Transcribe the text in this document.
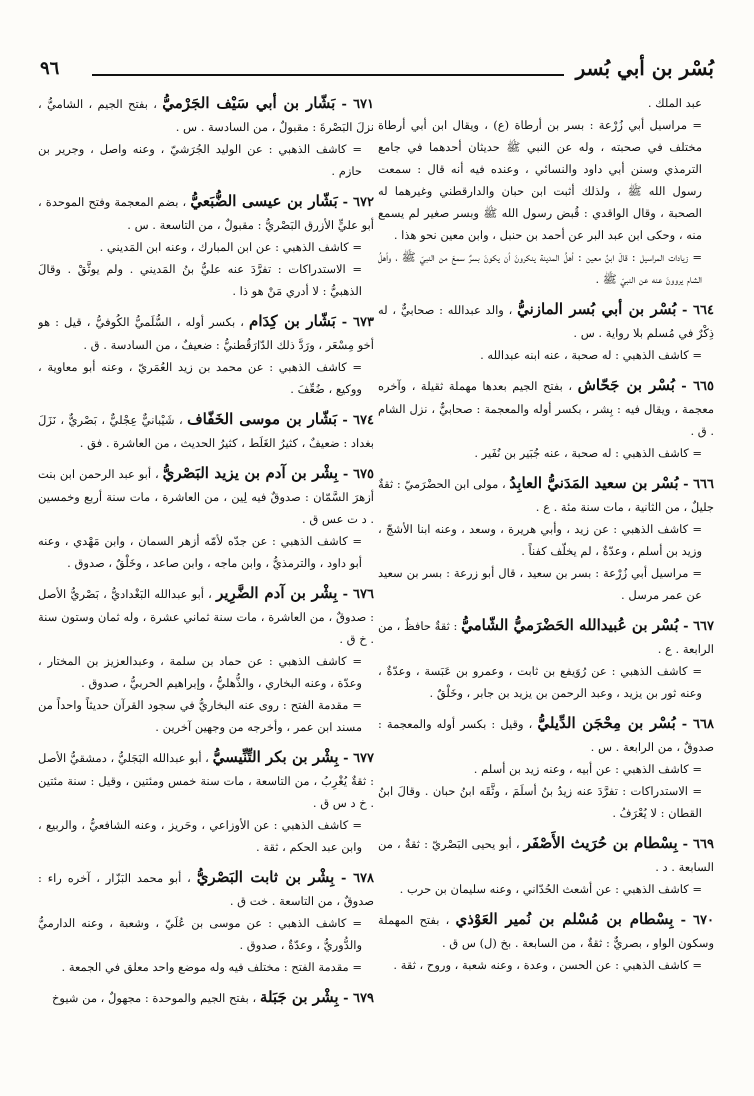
بُسْر بن أبي بُسر
٩٦

عبد الملك .

= مراسيل أبي زُرْعة : بسر بن أرطاة (ع) ، ويقال ابن أبي أرطاة مختلف في صحبته ، وله عن النبي ﷺ حديثان أحدهما في جامع الترمذي وسنن أبي داود والنسائي ، وعنده فيه أنه قال : سمعت رسول الله ﷺ ، ولذلك أثبت ابن حبان والدارقطني وغيرهما له الصحبة ، وقال الواقدي : قُبض رسول الله ﷺ وبسر صغير لم يسمع منه ، وحكى ابن عبد البر عن أحمد بن حنبل ، وابن معين نحو هذا .

= زيادات المراسيل : قالَ ابنُ معين : أهلُ المدينة ينكرونَ أن يكونَ بسرٌ سمعَ من النبيّ ﷺ ، وأهلُ الشام يروونَ عنه عن النبيّ ﷺ .

٦٦٤ - بُسْر بن أبي بُسر المازنيُّ ، والد عبدالله : صحابيٌّ ، له ذِكْرٌ في مُسلم بلا رواية . س .

= كاشف الذهبي : له صحبة ، عنه ابنه عبدالله .

٦٦٥ - بُسْر بن جَحّاش ، بفتح الجيم بعدها مهملة ثقيلة ، وآخره معجمة ، ويقال فيه : بِشر ، بكسر أوله والمعجمة : صحابيٌّ ، نزل الشام . ق .

= كاشف الذهبي : له صحبة ، عنه جُبَير بن نُفَير .

٦٦٦ - بُسْر بن سعيد المَدَنيُّ العابِدُ ، مولى ابن الحضْرَميّ : ثقةٌ جليلٌ ، من الثانية ، مات سنة مئة . ع .

= كاشف الذهبي : عن زيد ، وأبي هريرة ، وسعد ، وعنه ابنا الأشجّ ، وزيد بن أسلم ، وعدّةٌ ، لم يخلّف كفناً .

= مراسيل أبي زُرْعة : بسر بن سعيد ، قال أبو زرعة : بسر بن سعيد عن عمر مرسل .

٦٦٧ - بُسْر بن عُبيدالله الحَضْرَميُّ الشّاميُّ : ثقةٌ حافظٌ ، من الرابعة . ع .

= كاشف الذهبي : عن رُوَيفع بن ثابت ، وعمرو بن عَبَسة ، وعدّةٌ ، وعنه ثور بن يزيد ، وعبد الرحمن بن يزيد بن جابر ، وخَلْقٌ .

٦٦٨ - بُسْر بن مِحْجَن الدِّيليُّ ، وقيل : بكسر أوله والمعجمة : صدوقٌ ، من الرابعة . س .

= كاشف الذهبي : عن أبيه ، وعنه زيد بن أسلم .

= الاستدراكات : تفرَّدَ عنه زيدُ بنُ أسلَمَ ، وثَّقَه ابنُ حبان . وقالَ ابنُ القطان : لا يُعْرَفُ .

٦٦٩ - بِسْطام بن حُرَيث الأَصْفَر ، أبو يحيى البَصْريّ : ثقةٌ ، من السابعة . د .

= كاشف الذهبي : عن أشعث الحُدّاني ، وعنه سليمان بن حرب .

٦٧٠ - بِسْطام بن مُسْلم بن نُمير العَوْذي ، بفتح المهملة وسكون الواو ، بصريٌّ : ثقةٌ ، من السابعة . بخ (ل) س ق .

= كاشف الذهبي : عن الحسن ، وعدة ، وعنه شعبة ، وروح ، ثقة .

٦٧١ - بَشّار بن أبي سَيْف الجَرْميُّ ، بفتح الجيم ، الشاميُّ ، نزلَ البَصْرةَ : مقبولٌ ، من السادسة . س .

= كاشف الذهبي : عن الوليد الجُرَشيّ ، وعنه واصل ، وجرير بن حازم .

٦٧٢ - بَشّار بن عيسى الضُّبَعيُّ ، بضم المعجمة وفتح الموحدة ، أبو عليٍّ الأزرق البَصْريُّ : مقبولٌ ، من التاسعة . س .

= كاشف الذهبي : عن ابن المبارك ، وعنه ابن المَديني .

= الاستدراكات : تفرَّدَ عنه عليُّ بنُ المَديني . ولم يوثَّقْ . وقالَ الذهبيُّ : لا أدري مَنْ هو ذا .

٦٧٣ - بَشّار بن كِدَام ، بكسر أوله ، السُّلَميُّ الكُوفيُّ ، قيل : هو أخو مِسْعَر ، ورَدَّ ذلك الدّارَقُطنيُّ : ضعيفٌ ، من السادسة . ق .

= كاشف الذهبي : عن محمد بن زيد العُمَريّ ، وعنه أبو معاوية ، ووكيع ، ضُعِّفَ .

٦٧٤ - بَشّار بن موسى الخَفّاف ، شَيْبانيٌّ عِجْليٌّ ، بَصْريٌّ ، نَزَلَ بغداد : ضعيفٌ ، كثيرُ الغَلَط ، كثيرُ الحديث ، من العاشرة . فق .

٦٧٥ - بِشْر بن آدم بن يزيد البَصْريُّ ، أبو عبد الرحمن ابن بنت أزهرَ السَّمّان : صدوقٌ فيه لِين ، من العاشرة ، مات سنة أربع وخمسين . د ت عس ق .

= كاشف الذهبي : عن جدّه لأمّه أزهر السمان ، وابن مَهْدي ، وعنه أبو داود ، والترمذيُّ ، وابن ماجه ، وابن صاعد ، وخَلْقٌ ، صدوق .

٦٧٦ - بِشْر بن آدم الضَّرِير ، أبو عبدالله البَغْداديُّ ، بَصْريُّ الأصل : صدوقٌ ، من العاشرة ، مات سنة ثماني عشرة ، وله ثمان وستون سنة . خ ق .

= كاشف الذهبي : عن حماد بن سلمة ، وعبدالعزيز بن المختار ، وعدّة ، وعنه البخاري ، والذُّهليُّ ، وإبراهيم الحربيُّ ، صدوق .

= مقدمة الفتح : روى عنه البخاريُّ في سجود القرآن حديثاً واحداً من مسند ابن عمر ، وأخرجه من وجهين آخرين .

٦٧٧ - بِشْر بن بكر التِّنِّيسيُّ ، أبو عبدالله البَجَليُّ ، دمشقيُّ الأصل : ثقةٌ يُغْرِبُ ، من التاسعة ، مات سنة خمس ومئتين ، وقيل : سنة مئتين . خ د س ق .

= كاشف الذهبي : عن الأوزاعي ، وحَريز ، وعنه الشافعيُّ ، والربيع ، وابن عبد الحكم ، ثقة .

٦٧٨ - بِشْر بن ثابت البَصْريُّ ، أبو محمد البَزّار ، آخره راء : صدوقٌ ، من التاسعة . خت ق .

= كاشف الذهبي : عن موسى بن عُلَيّ ، وشعبة ، وعنه الدارميُّ والدُّوريُّ ، وعدّةٌ ، صدوق .

= مقدمة الفتح : مختلف فيه وله موضع واحد معلق في الجمعة .

٦٧٩ - بِشْر بن جَبَلة ، بفتح الجيم والموحدة : مجهولٌ ، من شيوخ
